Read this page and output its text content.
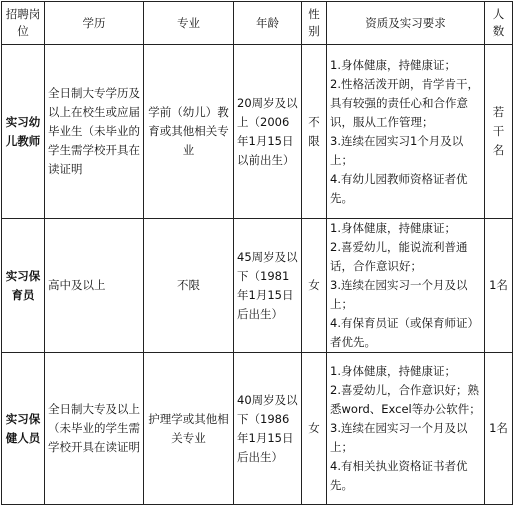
招聘岗位	学历	专业	年龄	性别	资质及实习要求	人数
实习幼儿教师	全日制大专学历及以上在校生或应届毕业生（未毕业的学生需学校开具在读证明	学前（幼儿）教育或其他相关专业	20周岁及以上（2006年1月15日以前出生）	不限	1.身体健康，持健康证；
2.性格活泼开朗，肯学肯干，具有较强的责任心和合作意识，服从工作管理；
3.连续在园实习1个月及以上；
4.有幼儿园教师资格证者优先。	若干名
实习保育员	高中及以上	不限	45周岁及以下（1981年1月15日后出生）	女	1.身体健康，持健康证；
2.喜爱幼儿，能说流利普通话，合作意识好；
3.连续在园实习一个月及以上；
4.有保育员证（或保育师证）者优先。	1名
实习保健人员	全日制大专及以上（未毕业的学生需学校开具在读证明	护理学或其他相关专业	40周岁及以下（1986年1月15日后出生）	女	1.身体健康，持健康证；
2.喜爱幼儿，合作意识好；熟悉word、Excel等办公软件；
3.连续在园实习一个月及以上；
4.有相关执业资格证书者优先。	1名
